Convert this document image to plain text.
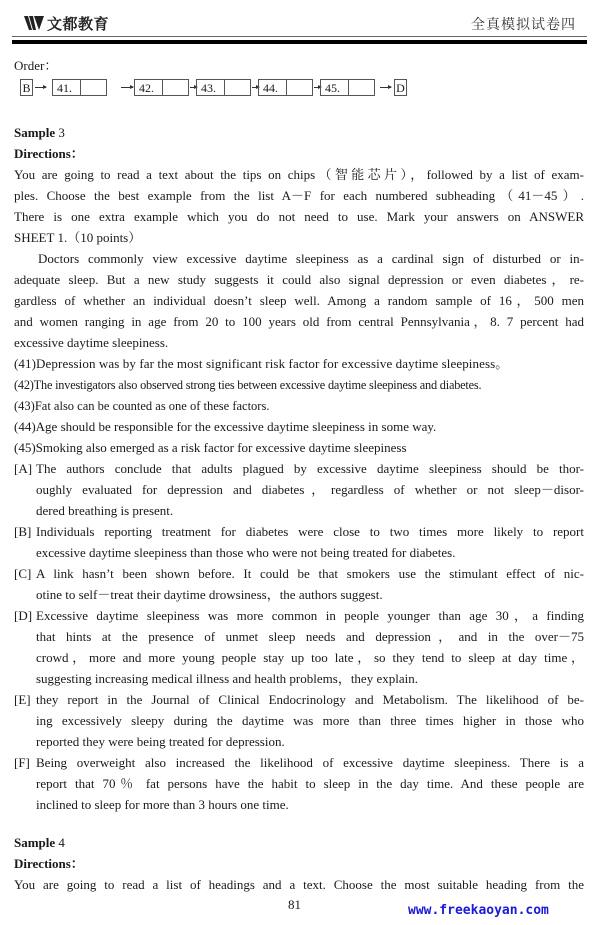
文都教育	全真模拟试卷四
Order：
B 41.	42.	43.	44.	45.	D
Sample 3
Directions：
You are going to read a text about the tips on chips（智能芯片），followed by a list of exam-
ples. Choose the best example from the list A－F for each numbered subheading（41－45）.
There is one extra example which you do not need to use. Mark your answers on ANSWER
SHEET 1.（10 points）
Doctors commonly view excessive daytime sleepiness as a cardinal sign of disturbed or in-
adequate sleep. But a new study suggests it could also signal depression or even diabetes，re-
gardless of whether an individual doesn’t sleep well. Among a random sample of 16，500 men
and women ranging in age from 20 to 100 years old from central Pennsylvania，8. 7 percent had
excessive daytime sleepiness.
(41)Depression was by far the most significant risk factor for excessive daytime sleepiness。
(42)The investigators also observed strong ties between excessive daytime sleepiness and diabetes.
(43)Fat also can be counted as one of these factors.
(44)Age should be responsible for the excessive daytime sleepiness in some way.
(45)Smoking also emerged as a risk factor for excessive daytime sleepiness
[A] The authors conclude that adults plagued by excessive daytime sleepiness should be thor-
oughly evaluated for depression and diabetes，regardless of whether or not sleep－disor-
dered breathing is present.
[B] Individuals reporting treatment for diabetes were close to two times more likely to report
excessive daytime sleepiness than those who were not being treated for diabetes.
[C] A link hasn’t been shown before. It could be that smokers use the stimulant effect of nic-
otine to self－treat their daytime drowsiness，the authors suggest.
[D] Excessive daytime sleepiness was more common in people younger than age 30，a finding
that hints at the presence of unmet sleep needs and depression，and in the over－75
crowd，more and more young people stay up too late，so they tend to sleep at day time，
suggesting increasing medical illness and health problems，they explain.
[E] they report in the Journal of Clinical Endocrinology and Metabolism. The likelihood of be-
ing excessively sleepy during the daytime was more than three times higher in those who
reported they were being treated for depression.
[F] Being overweight also increased the likelihood of excessive daytime sleepiness. There is a
report that 70％ fat persons have the habit to sleep in the day time. And these people are
inclined to sleep for more than 3 hours one time.
Sample 4
Directions：
You are going to read a list of headings and a text. Choose the most suitable heading from the
81	www.freekaoyan.com
